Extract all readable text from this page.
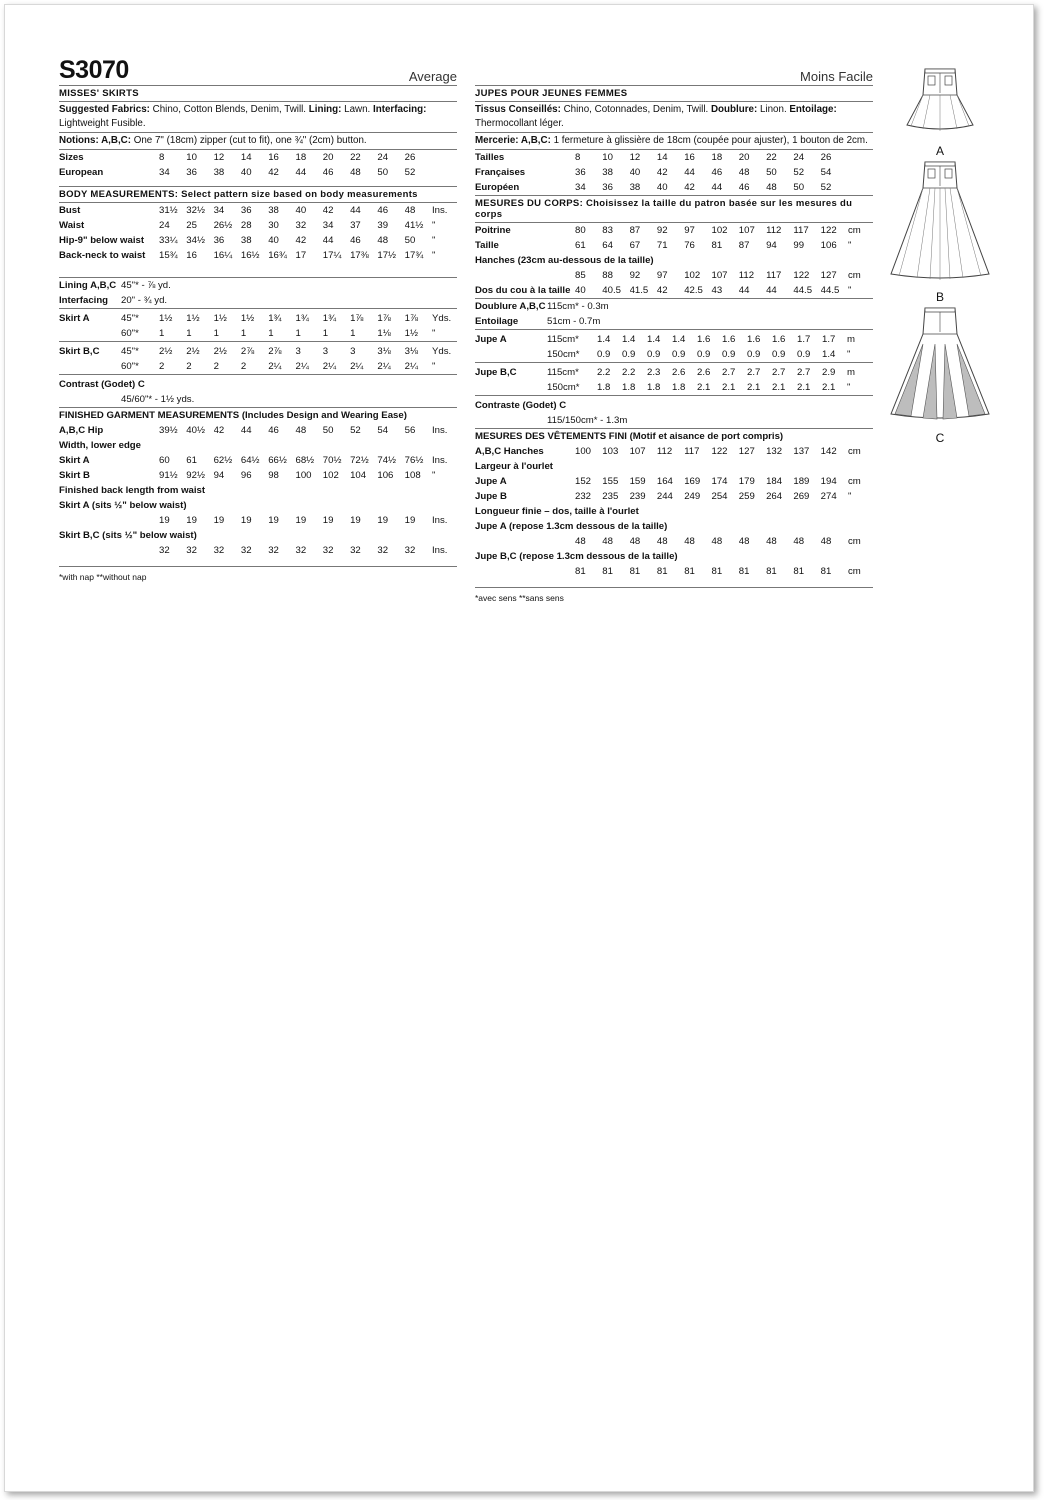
S3070	Average
MISSES' SKIRTS
Suggested Fabrics: Chino, Cotton Blends, Denim, Twill. Lining: Lawn. Interfacing: Lightweight Fusible.
Notions: A,B,C: One 7" (18cm) zipper (cut to fit), one ¾" (2cm) button.
Sizes	8	10	12	14	16	18	20	22	24	26	
European	34	36	38	40	42	44	46	48	50	52	
BODY MEASUREMENTS: Select pattern size based on body measurements
Bust	31½	32½	34	36	38	40	42	44	46	48	Ins.
Waist	24	25	26½	28	30	32	34	37	39	41½	"
Hip-9" below waist	33¼	34½	36	38	40	42	44	46	48	50	"
Back-neck to waist	15¾	16	16¼	16½	16¾	17	17¼	17⅜	17½	17¾	"
Lining A,B,C	45"* - ⅞ yd.											
Interfacing	20" - ¾ yd.											

Skirt A	45"*	1½	1½	1½	1½	1¾	1¾	1¾	1⅞	1⅞	1⅞	Yds.
	60"*	1	1	1	1	1	1	1	1	1⅛	1½	"

Skirt B,C	45"*	2½	2½	2½	2⅞	2⅞	3	3	3	3⅛	3⅛	Yds.
	60"*	2	2	2	2	2¼	2¼	2¼	2¼	2¼	2¼	"

Contrast (Godet) C												
	45/60"* - 1½ yds.											
FINISHED GARMENT MEASUREMENTS (Includes Design and Wearing Ease)											
A,B,C Hip	39½	40½	42	44	46	48	50	52	54	56	Ins.
Width, lower edge											
Skirt A	60	61	62½	64½	66½	68½	70½	72½	74½	76½	Ins.
Skirt B	91½	92½	94	96	98	100	102	104	106	108	"
Finished back length from waist											
Skirt A (sits ½" below waist)											
	19	19	19	19	19	19	19	19	19	19	Ins.
Skirt B,C (sits ½" below waist)											
	32	32	32	32	32	32	32	32	32	32	Ins.
*with nap **without nap
Moins Facile
JUPES POUR JEUNES FEMMES
Tissus Conseillés: Chino, Cotonnades, Denim, Twill. Doublure: Linon. Entoilage: Thermocollant léger.
Mercerie: A,B,C: 1 fermeture à glissière de 18cm (coupée pour ajuster), 1 bouton de 2cm.
Tailles	8	10	12	14	16	18	20	22	24	26	
Françaises	36	38	40	42	44	46	48	50	52	54	
Européen	34	36	38	40	42	44	46	48	50	52	
MESURES DU CORPS: Choisissez la taille du patron basée sur les mesures du corps
Poitrine	80	83	87	92	97	102	107	112	117	122	cm
Taille	61	64	67	71	76	81	87	94	99	106	"
Hanches (23cm au-dessous de la taille)											
	85	88	92	97	102	107	112	117	122	127	cm
Dos du cou à la taille	40	40.5	41.5	42	42.5	43	44	44	44.5	44.5	"
Doublure A,B,C	115cm* - 0.3m											
Entoilage	51cm - 0.7m											

Jupe A	115cm*	1.4	1.4	1.4	1.4	1.6	1.6	1.6	1.6	1.7	1.7	m
	150cm*	0.9	0.9	0.9	0.9	0.9	0.9	0.9	0.9	0.9	1.4	"

Jupe B,C	115cm*	2.2	2.2	2.3	2.6	2.6	2.7	2.7	2.7	2.7	2.9	m
	150cm*	1.8	1.8	1.8	1.8	2.1	2.1	2.1	2.1	2.1	2.1	"

Contraste (Godet) C												
	115/150cm* - 1.3m											
MESURES DES VÊTEMENTS FINI (Motif et aisance de port compris)											
A,B,C Hanches	100	103	107	112	117	122	127	132	137	142	cm
Largeur à l'ourlet											
Jupe A	152	155	159	164	169	174	179	184	189	194	cm
Jupe B	232	235	239	244	249	254	259	264	269	274	"
Longueur finie – dos, taille à l'ourlet											
Jupe A (repose 1.3cm dessous de la taille)											
	48	48	48	48	48	48	48	48	48	48	cm
Jupe B,C (repose 1.3cm dessous de la taille)											
	81	81	81	81	81	81	81	81	81	81	cm
*avec sens **sans sens
A
B
C
